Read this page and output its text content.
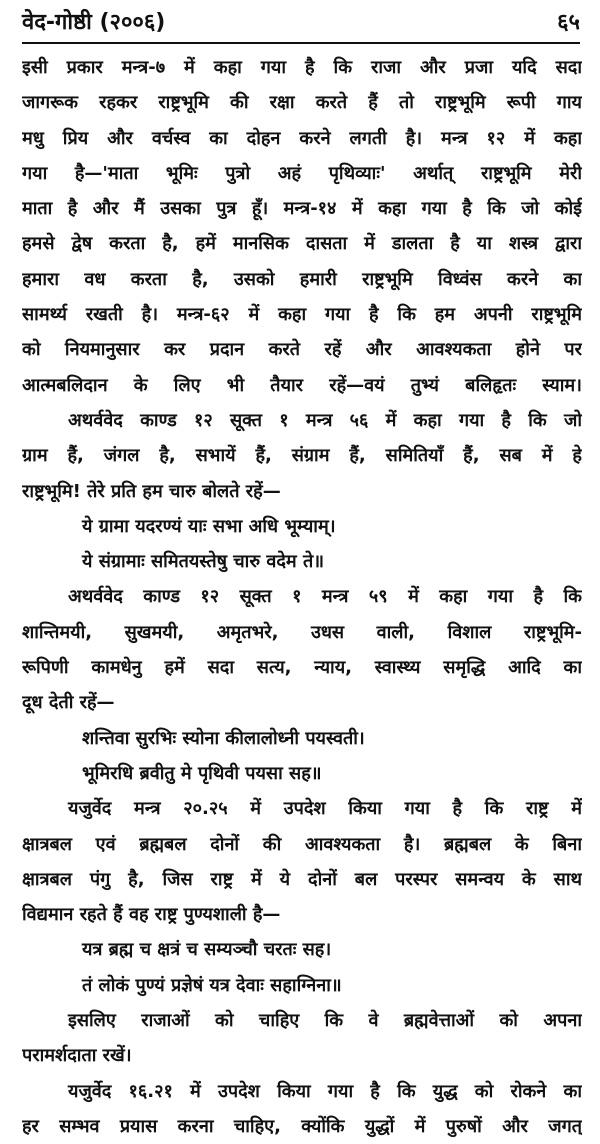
वेद-गोष्ठी (२००६)	६५
इसी प्रकार मन्त्र-७ में कहा गया है कि राजा और प्रजा यदि सदा
जागरूक रहकर राष्ट्रभूमि की रक्षा करते हैं तो राष्ट्रभूमि रूपी गाय
मधु प्रिय और वर्चस्व का दोहन करने लगती है। मन्त्र १२ में कहा
गया है—'माता भूमिः पुत्रो अहं पृथिव्याः' अर्थात् राष्ट्रभूमि मेरी
माता है और मैं उसका पुत्र हूँ। मन्त्र-१४ में कहा गया है कि जो कोई
हमसे द्वेष करता है, हमें मानसिक दासता में डालता है या शस्त्र द्वारा
हमारा वध करता है, उसको हमारी राष्ट्रभूमि विध्वंस करने का
सामर्थ्य रखती है। मन्त्र-६२ में कहा गया है कि हम अपनी राष्ट्रभूमि
को नियमानुसार कर प्रदान करते रहें और आवश्यकता होने पर
आत्मबलिदान के लिए भी तैयार रहें—वयं तुभ्यं बलिहृतः स्याम।
अथर्ववेद काण्ड १२ सूक्त १ मन्त्र ५६ में कहा गया है कि जो
ग्राम हैं, जंगल है, सभायें हैं, संग्राम हैं, समितियाँ हैं, सब में हे
राष्ट्रभूमि! तेरे प्रति हम चारु बोलते रहें—
ये ग्रामा यदरण्यं याः सभा अधि भूम्याम्।
ये संग्रामाः समितयस्तेषु चारु वदेम ते॥
अथर्ववेद काण्ड १२ सूक्त १ मन्त्र ५९ में कहा गया है कि
शान्तिमयी, सुखमयी, अमृतभरे, उधस वाली, विशाल राष्ट्रभूमि-
रूपिणी कामधेनु हमें सदा सत्य, न्याय, स्वास्थ्य समृद्धि आदि का
दूध देती रहें—
शन्तिवा सुरभिः स्योना कीलालोध्नी पयस्वती।
भूमिरधि ब्रवीतु मे पृथिवी पयसा सह॥
यजुर्वेद मन्त्र २०.२५ में उपदेश किया गया है कि राष्ट्र में
क्षात्रबल एवं ब्रह्मबल दोनों की आवश्यकता है। ब्रह्मबल के बिना
क्षात्रबल पंगु है, जिस राष्ट्र में ये दोनों बल परस्पर समन्वय के साथ
विद्यमान रहते हैं वह राष्ट्र पुण्यशाली है—
यत्र ब्रह्म च क्षत्रं च सम्यञ्चौ चरतः सह।
तं लोकं पुण्यं प्रज्ञेषं यत्र देवाः सहाग्निना॥
इसलिए राजाओं को चाहिए कि वे ब्रह्मवेत्ताओं को अपना
परामर्शदाता रखें।
यजुर्वेद १६.२१ में उपदेश किया गया है कि युद्ध को रोकने का
हर सम्भव प्रयास करना चाहिए, क्योंकि युद्धों में पुरुषों और जगत्
